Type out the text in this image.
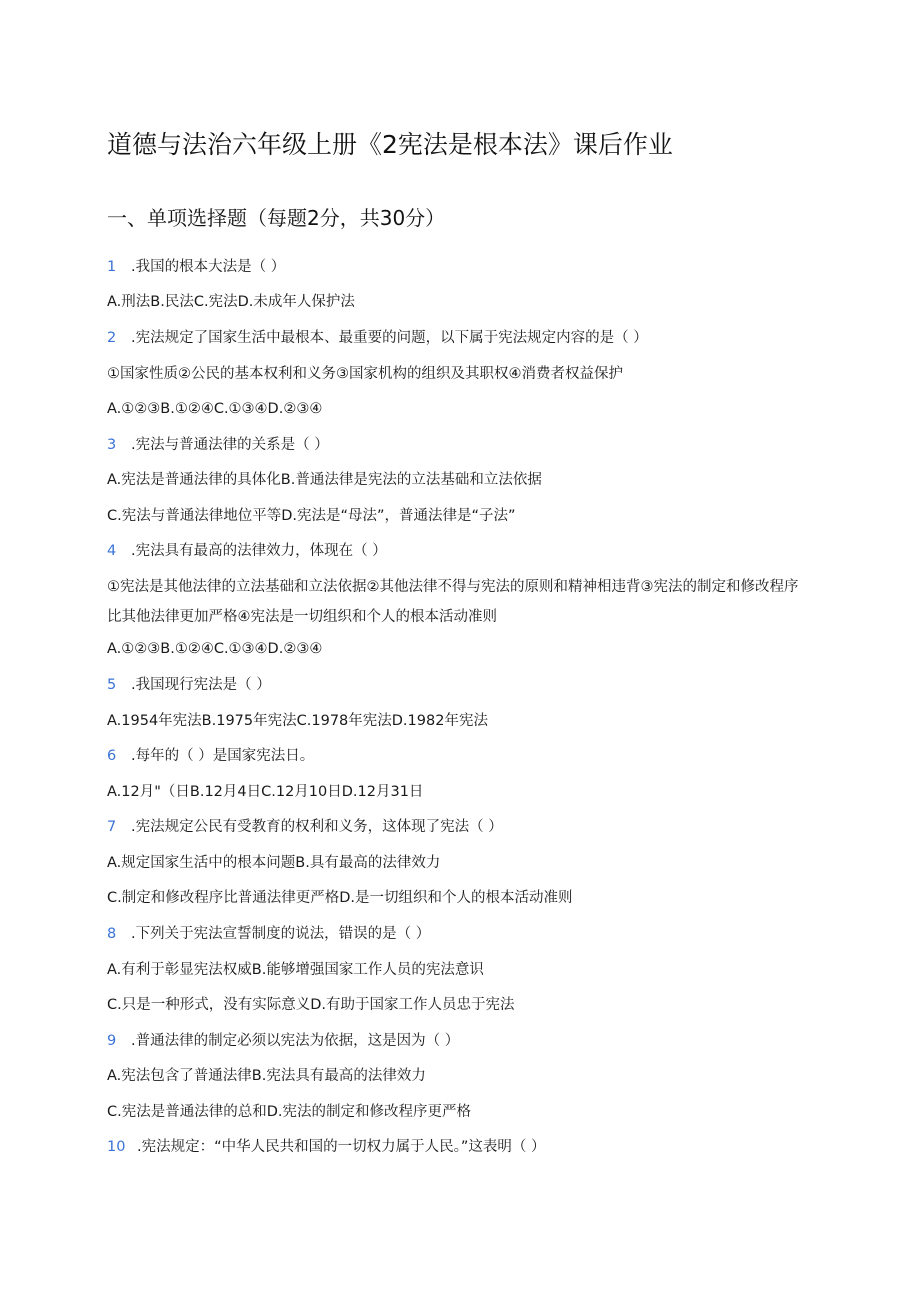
道德与法治六年级上册《2宪法是根本法》课后作业
一、单项选择题（每题2分，共30分）
1 .我国的根本大法是（ ）
A.刑法B.民法C.宪法D.未成年人保护法
2 .宪法规定了国家生活中最根本、最重要的问题，以下属于宪法规定内容的是（ ）
①国家性质②公民的基本权利和义务③国家机构的组织及其职权④消费者权益保护
A.①②③B.①②④C.①③④D.②③④
3 .宪法与普通法律的关系是（ ）
A.宪法是普通法律的具体化B.普通法律是宪法的立法基础和立法依据
C.宪法与普通法律地位平等D.宪法是“母法”，普通法律是“子法”
4 .宪法具有最高的法律效力，体现在（ ）
①宪法是其他法律的立法基础和立法依据②其他法律不得与宪法的原则和精神相违背③宪法的制定和修改程序比其他法律更加严格④宪法是一切组织和个人的根本活动准则
A.①②③B.①②④C.①③④D.②③④
5 .我国现行宪法是（ ）
A.1954年宪法B.1975年宪法C.1978年宪法D.1982年宪法
6 .每年的（ ）是国家宪法日。
A.12月"（日B.12月4日C.12月10日D.12月31日
7 .宪法规定公民有受教育的权利和义务，这体现了宪法（ ）
A.规定国家生活中的根本问题B.具有最高的法律效力
C.制定和修改程序比普通法律更严格D.是一切组织和个人的根本活动准则
8 .下列关于宪法宣誓制度的说法，错误的是（ ）
A.有利于彰显宪法权威B.能够增强国家工作人员的宪法意识
C.只是一种形式，没有实际意义D.有助于国家工作人员忠于宪法
9 .普通法律的制定必须以宪法为依据，这是因为（ ）
A.宪法包含了普通法律B.宪法具有最高的法律效力
C.宪法是普通法律的总和D.宪法的制定和修改程序更严格
10 .宪法规定：“中华人民共和国的一切权力属于人民。”这表明（ ）
